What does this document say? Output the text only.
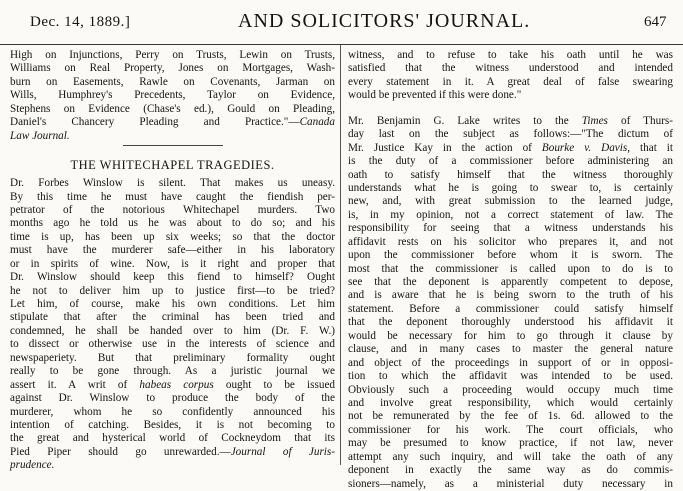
Dec. 14, 1889.]	AND SOLICITORS' JOURNAL.	647
High on Injunctions, Perry on Trusts, Lewin on Trusts,
Williams on Real Property, Jones on Mortgages, Wash-
burn on Easements, Rawle on Covenants, Jarman on
Wills, Humphrey's Precedents, Taylor on Evidence,
Stephens on Evidence (Chase's ed.), Gould on Pleading,
Daniel's Chancery Pleading and Practice."—Canada
Law Journal.
THE WHITECHAPEL TRAGEDIES.
Dr. Forbes Winslow is silent. That makes us uneasy.
By this time he must have caught the fiendish per-
petrator of the notorious Whitechapel murders. Two
months ago he told us he was about to do so; and his
time is up, has been up six weeks; so that the doctor
must have the murderer safe—either in his laboratory
or in spirits of wine. Now, is it right and proper that
Dr. Winslow should keep this fiend to himself? Ought
he not to deliver him up to justice first—to be tried?
Let him, of course, make his own conditions. Let him
stipulate that after the criminal has been tried and
condemned, he shall be handed over to him (Dr. F. W.)
to dissect or otherwise use in the interests of science and
newspaperiety. But that preliminary formality ought
really to be gone through. As a juristic journal we
assert it. A writ of habeas corpus ought to be issued
against Dr. Winslow to produce the body of the
murderer, whom he so confidently announced his
intention of catching. Besides, it is not becoming to
the great and hysterical world of Cockneydom that its
Pied Piper should go unrewarded.—Journal of Juris-
prudence.
witness, and to refuse to take his oath until he was
satisfied that the witness understood and intended
every statement in it. A great deal of false swearing
would be prevented if this were done."
Mr. Benjamin G. Lake writes to the Times of Thurs-
day last on the subject as follows:—"The dictum of
Mr. Justice Kay in the action of Bourke v. Davis, that it
is the duty of a commissioner before administering an
oath to satisfy himself that the witness thoroughly
understands what he is going to swear to, is certainly
new, and, with great submission to the learned judge,
is, in my opinion, not a correct statement of law. The
responsibility for seeing that a witness understands his
affidavit rests on his solicitor who prepares it, and not
upon the commissioner before whom it is sworn. The
most that the commissioner is called upon to do is to
see that the deponent is apparently competent to depose,
and is aware that he is being sworn to the truth of his
statement. Before a commissioner could satisfy himself
that the deponent thoroughly understood his affidavit it
would be necessary for him to go through it clause by
clause, and in many cases to master the general nature
and object of the proceedings in support of or in opposi-
tion to which the affidavit was intended to be used.
Obviously such a proceeding would occupy much time
and involve great responsibility, which would certainly
not be remunerated by the fee of 1s. 6d. allowed to the
commissioner for his work. The court officials, who
may be presumed to know practice, if not law, never
attempt any such inquiry, and will take the oath of any
deponent in exactly the same way as do commis-
sioners—namely, as a ministerial duty necessary in
